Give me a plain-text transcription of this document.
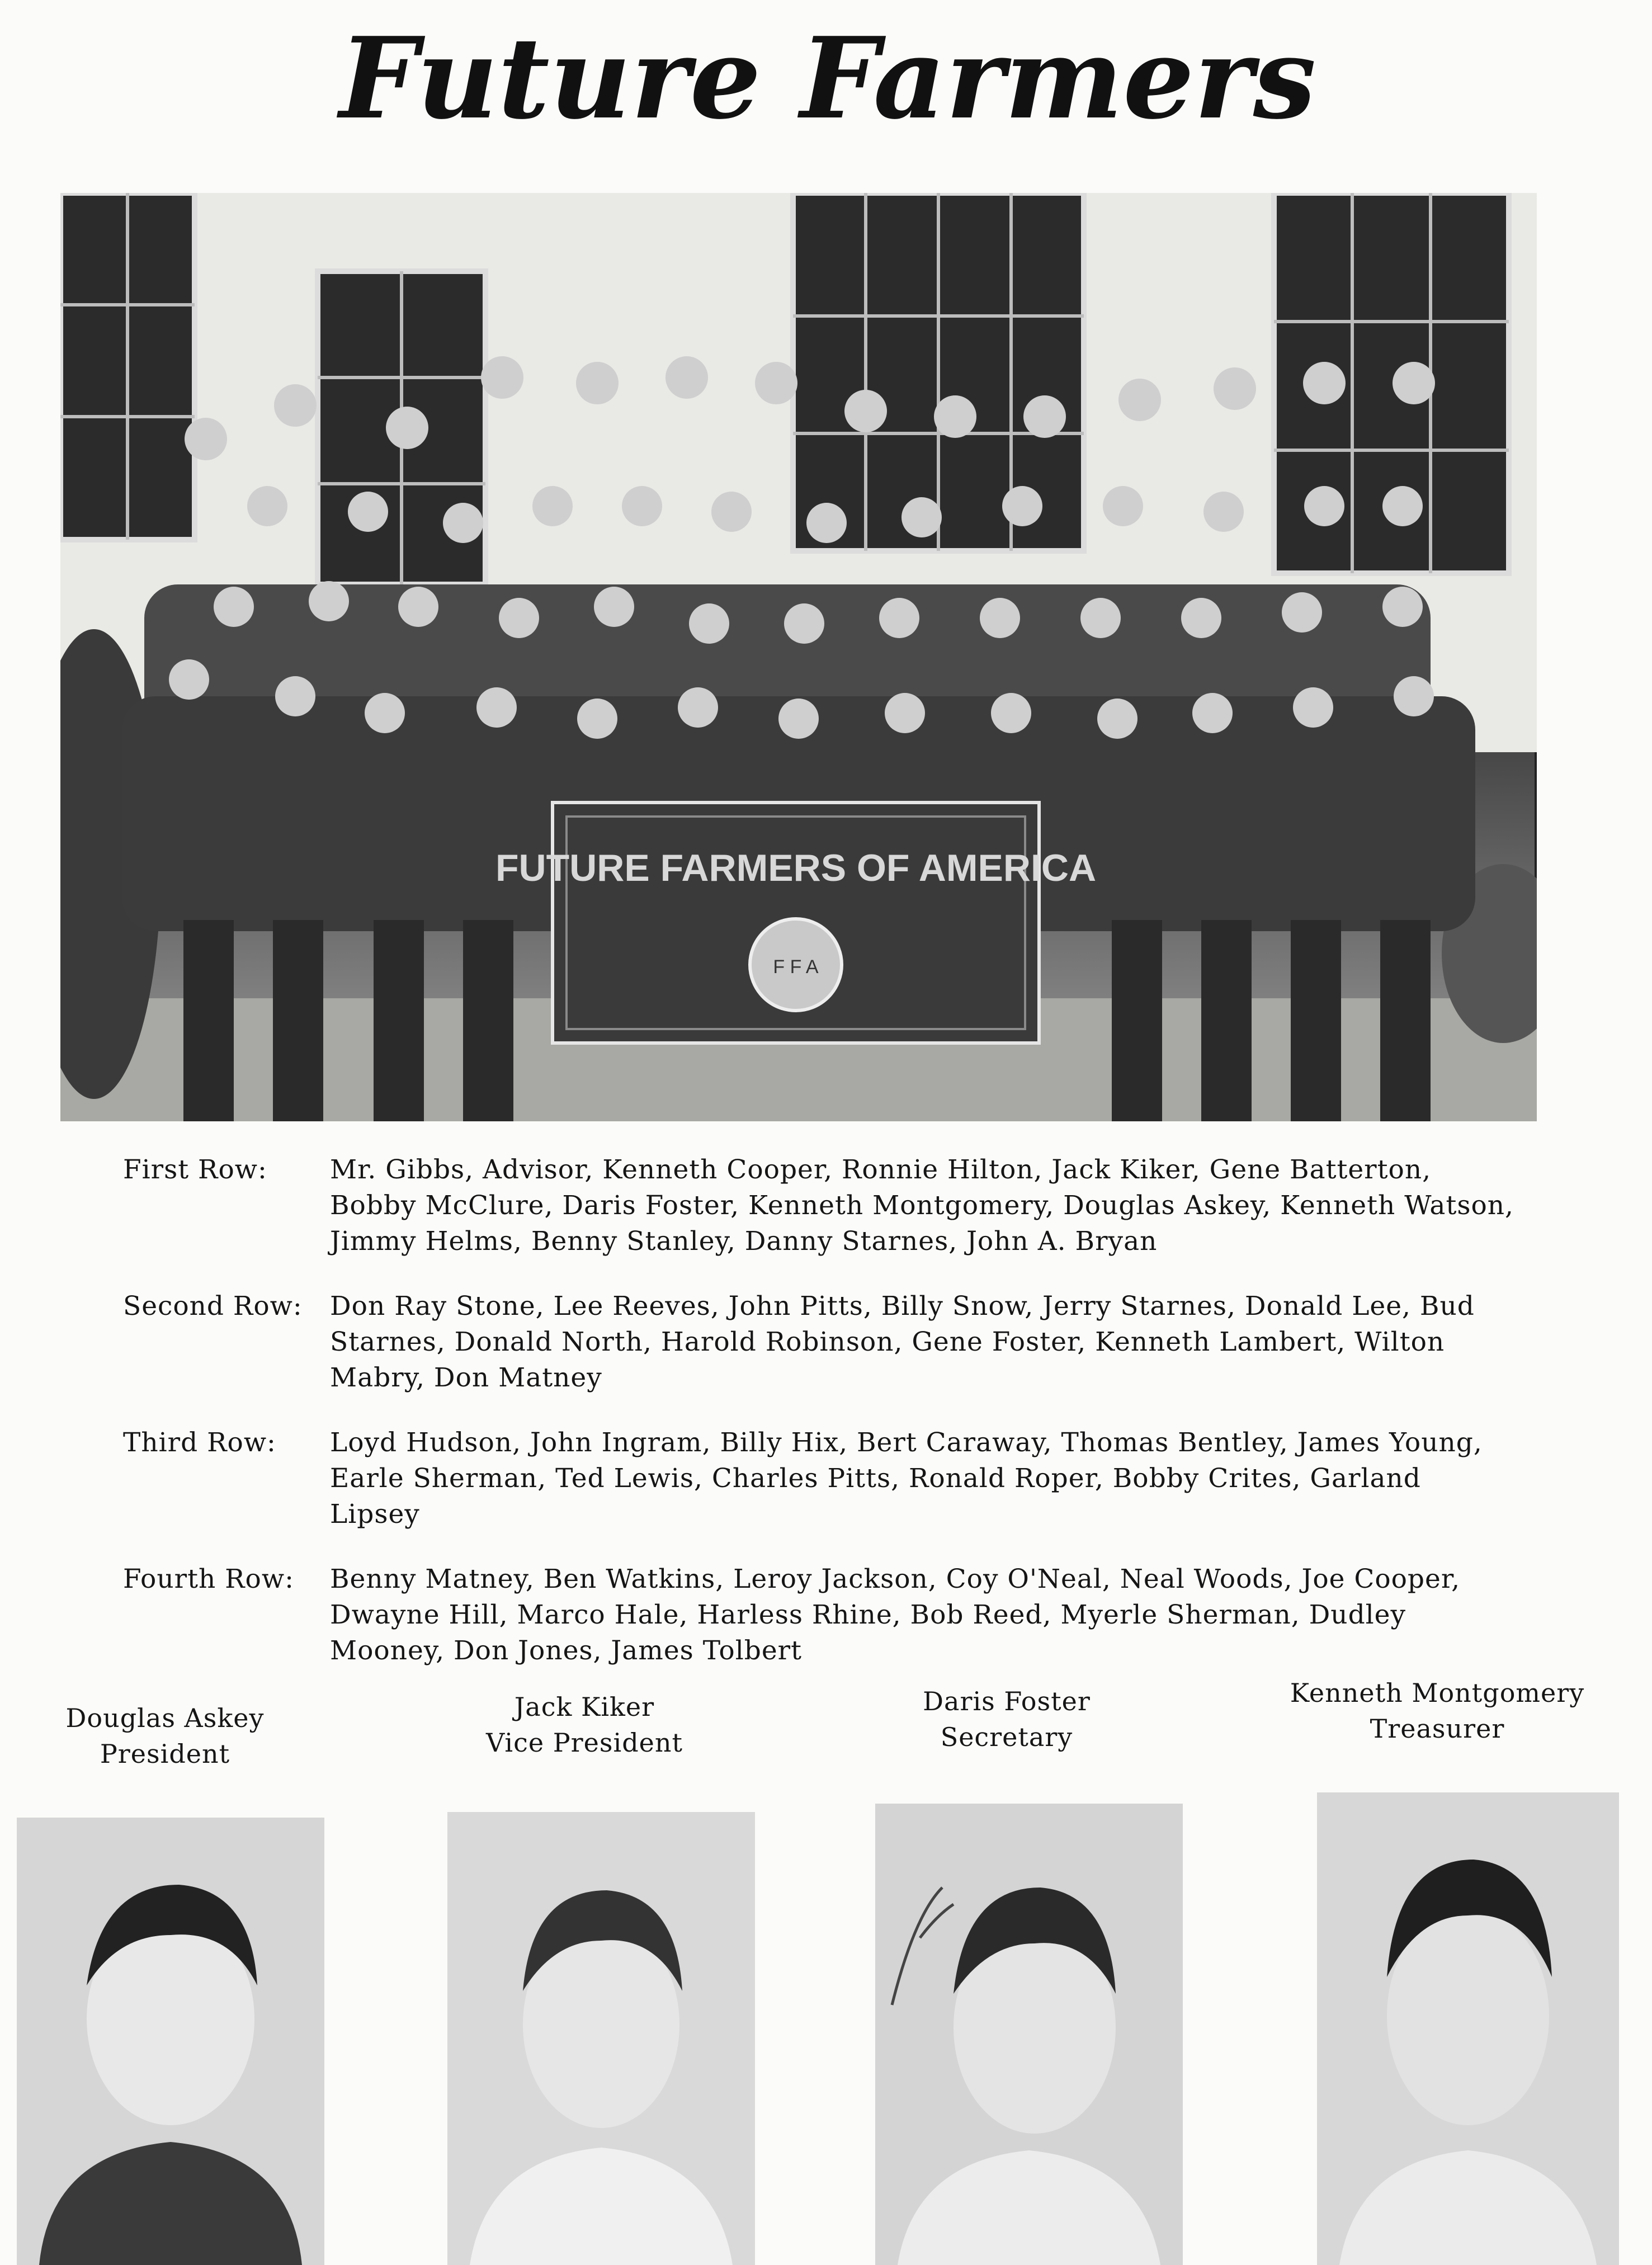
Future Farmers
FUTURE FARMERS OF AMERICA
F F A
First Row:	Mr. Gibbs, Advisor, Kenneth Cooper, Ronnie Hilton, Jack Kiker, Gene Batterton, Bobby McClure, Daris Foster, Kenneth Montgomery, Douglas Askey, Kenneth Watson, Jimmy Helms, Benny Stanley, Danny Starnes, John A. Bryan
Second Row:	Don Ray Stone, Lee Reeves, John Pitts, Billy Snow, Jerry Starnes, Donald Lee, Bud Starnes, Donald North, Harold Robinson, Gene Foster, Kenneth Lambert, Wilton Mabry, Don Matney
Third Row:	Loyd Hudson, John Ingram, Billy Hix, Bert Caraway, Thomas Bentley, James Young, Earle Sherman, Ted Lewis, Charles Pitts, Ronald Roper, Bobby Crites, Garland Lipsey
Fourth Row:	Benny Matney, Ben Watkins, Leroy Jackson, Coy O'Neal, Neal Woods, Joe Cooper, Dwayne Hill, Marco Hale, Harless Rhine, Bob Reed, Myerle Sherman, Dudley Mooney, Don Jones, James Tolbert
Douglas Askey
President
Jack Kiker
Vice President
Daris Foster
Secretary
Kenneth Montgomery
Treasurer
